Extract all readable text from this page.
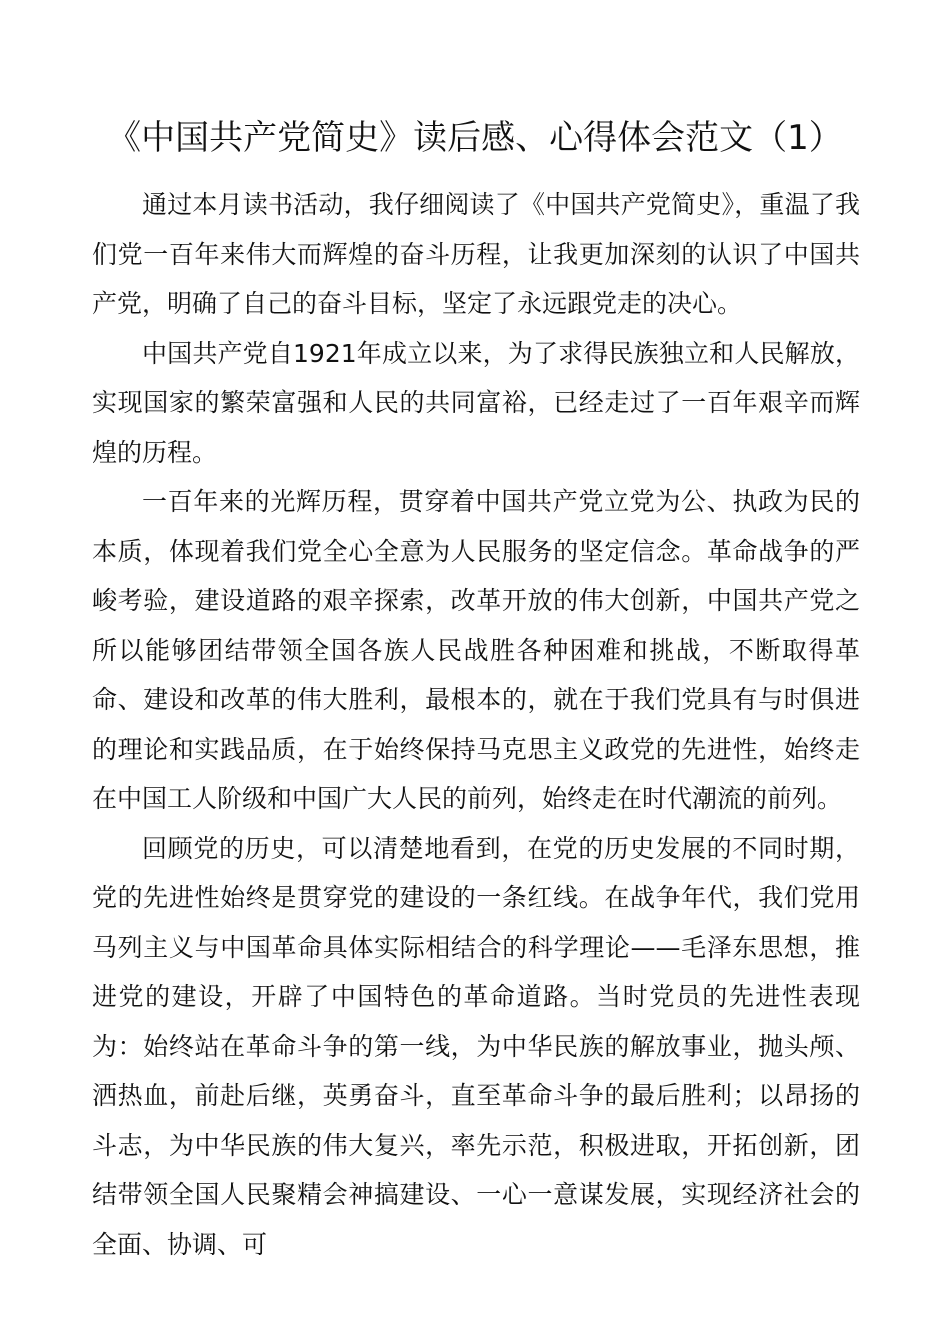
《中国共产党简史》读后感、心得体会范文（1）

通过本月读书活动，我仔细阅读了《中国共产党简史》，重温了我们党一百年来伟大而辉煌的奋斗历程，让我更加深刻的认识了中国共产党，明确了自己的奋斗目标，坚定了永远跟党走的决心。

中国共产党自1921年成立以来，为了求得民族独立和人民解放，实现国家的繁荣富强和人民的共同富裕，已经走过了一百年艰辛而辉煌的历程。

一百年来的光辉历程，贯穿着中国共产党立党为公、执政为民的本质，体现着我们党全心全意为人民服务的坚定信念。革命战争的严峻考验，建设道路的艰辛探索，改革开放的伟大创新，中国共产党之所以能够团结带领全国各族人民战胜各种困难和挑战，不断取得革命、建设和改革的伟大胜利，最根本的，就在于我们党具有与时俱进的理论和实践品质，在于始终保持马克思主义政党的先进性，始终走在中国工人阶级和中国广大人民的前列，始终走在时代潮流的前列。

回顾党的历史，可以清楚地看到，在党的历史发展的不同时期，党的先进性始终是贯穿党的建设的一条红线。在战争年代，我们党用马列主义与中国革命具体实际相结合的科学理论——毛泽东思想，推进党的建设，开辟了中国特色的革命道路。当时党员的先进性表现为：始终站在革命斗争的第一线，为中华民族的解放事业，抛头颅、洒热血，前赴后继，英勇奋斗，直至革命斗争的最后胜利；以昂扬的斗志，为中华民族的伟大复兴，率先示范，积极进取，开拓创新，团结带领全国人民聚精会神搞建设、一心一意谋发展，实现经济社会的全面、协调、可
